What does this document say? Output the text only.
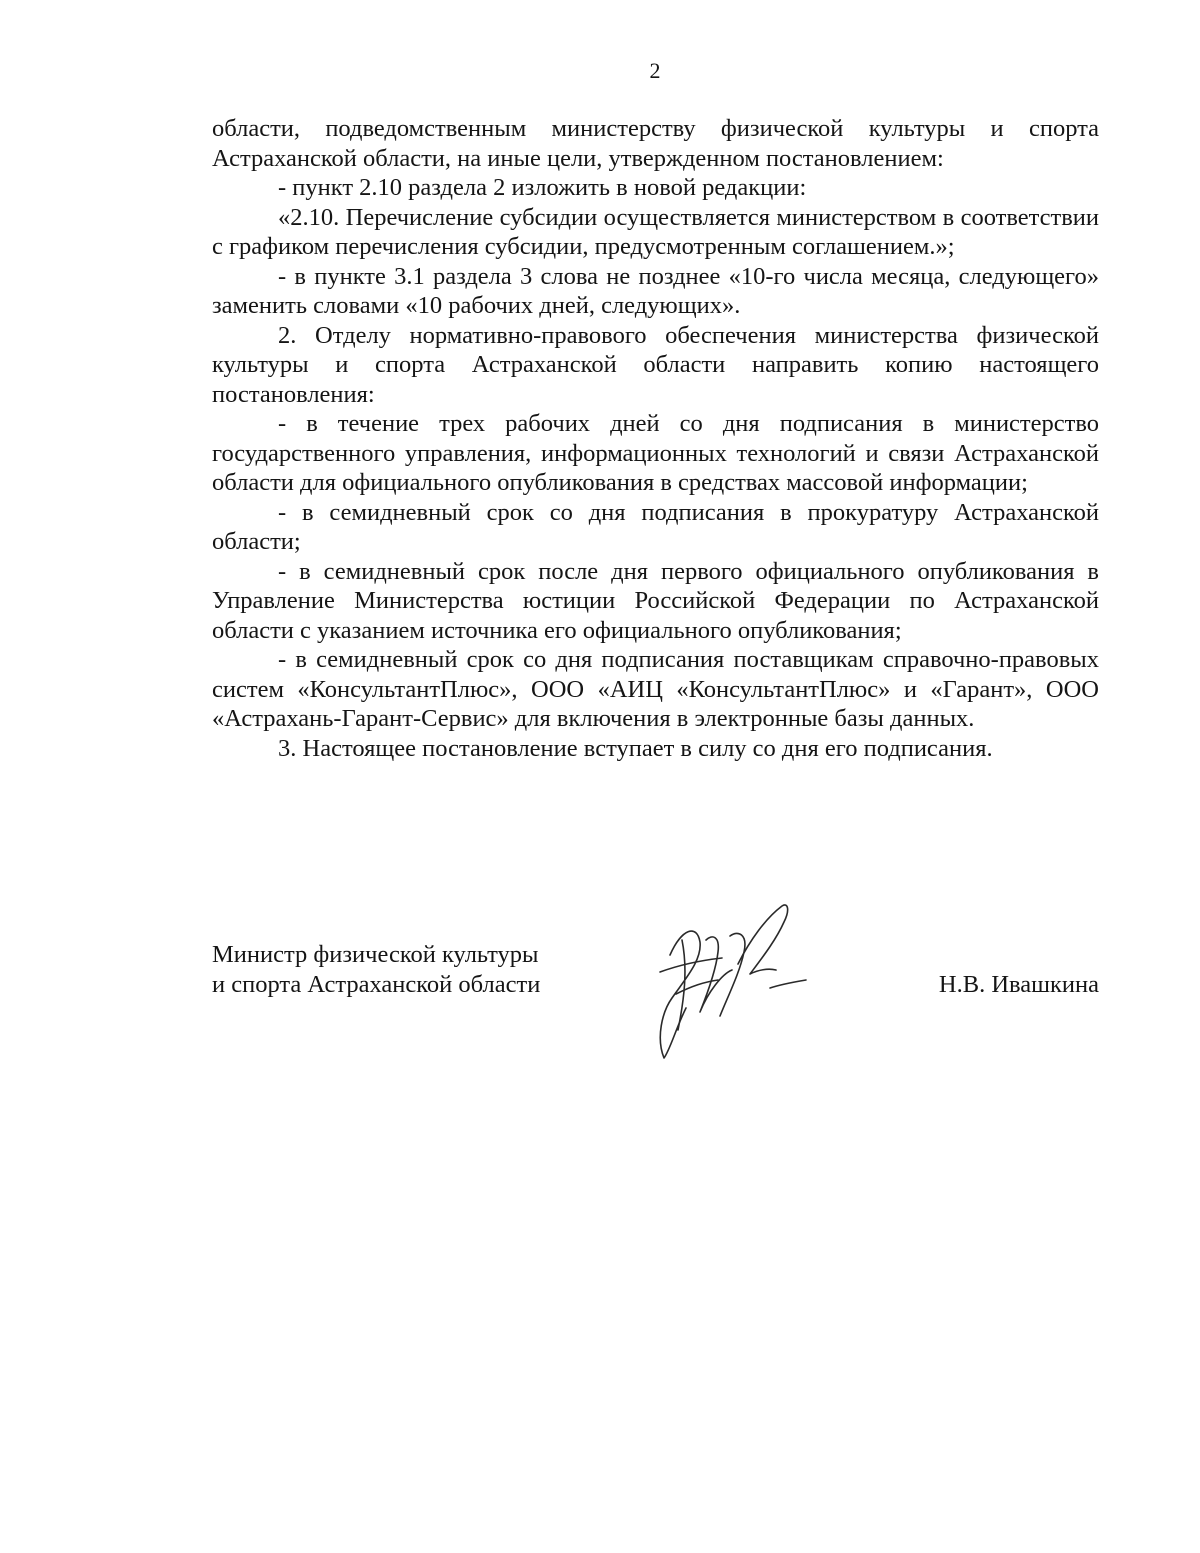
2

области, подведомственным министерству физической культуры и спорта Астраханской области, на иные цели, утвержденном постановлением:

- пункт 2.10 раздела 2 изложить в новой редакции:

«2.10. Перечисление субсидии осуществляется министерством в соответствии с графиком перечисления субсидии, предусмотренным соглашением.»;

- в пункте 3.1 раздела 3 слова не позднее «10-го числа месяца, следующего» заменить словами «10 рабочих дней, следующих».

2. Отделу нормативно-правового обеспечения министерства физической культуры и спорта Астраханской области направить копию настоящего постановления:

- в течение трех рабочих дней со дня подписания в министерство государственного управления, информационных технологий и связи Астраханской области для официального опубликования в средствах массовой информации;

- в семидневный срок со дня подписания в прокуратуру Астраханской области;

- в семидневный срок после дня первого официального опубликования в Управление Министерства юстиции Российской Федерации по Астраханской области с указанием источника его официального опубликования;

- в семидневный срок со дня подписания поставщикам справочно-правовых систем «КонсультантПлюс», ООО «АИЦ «КонсультантПлюс» и «Гарант», ООО «Астрахань-Гарант-Сервис» для включения в электронные базы данных.

3. Настоящее постановление вступает в силу со дня его подписания.

Министр физической культуры
и спорта Астраханской области	Н.В. Ивашкина
